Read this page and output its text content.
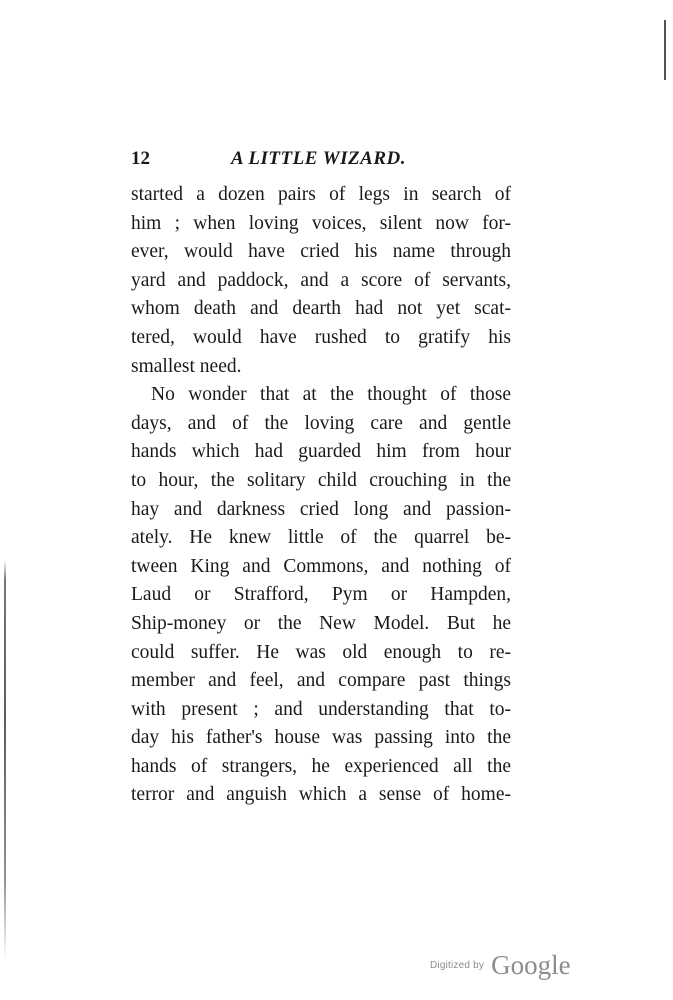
12	A LITTLE WIZARD.
started a dozen pairs of legs in search of
him ; when loving voices, silent now for-
ever, would have cried his name through
yard and paddock, and a score of servants,
whom death and dearth had not yet scat-
tered, would have rushed to gratify his
smallest need.
No wonder that at the thought of those
days, and of the loving care and gentle
hands which had guarded him from hour
to hour, the solitary child crouching in the
hay and darkness cried long and passion-
ately. He knew little of the quarrel be-
tween King and Commons, and nothing of
Laud or Strafford, Pym or Hampden,
Ship-money or the New Model. But he
could suffer. He was old enough to re-
member and feel, and compare past things
with present ; and understanding that to-
day his father's house was passing into the
hands of strangers, he experienced all the
terror and anguish which a sense of home-
Digitized by Google
